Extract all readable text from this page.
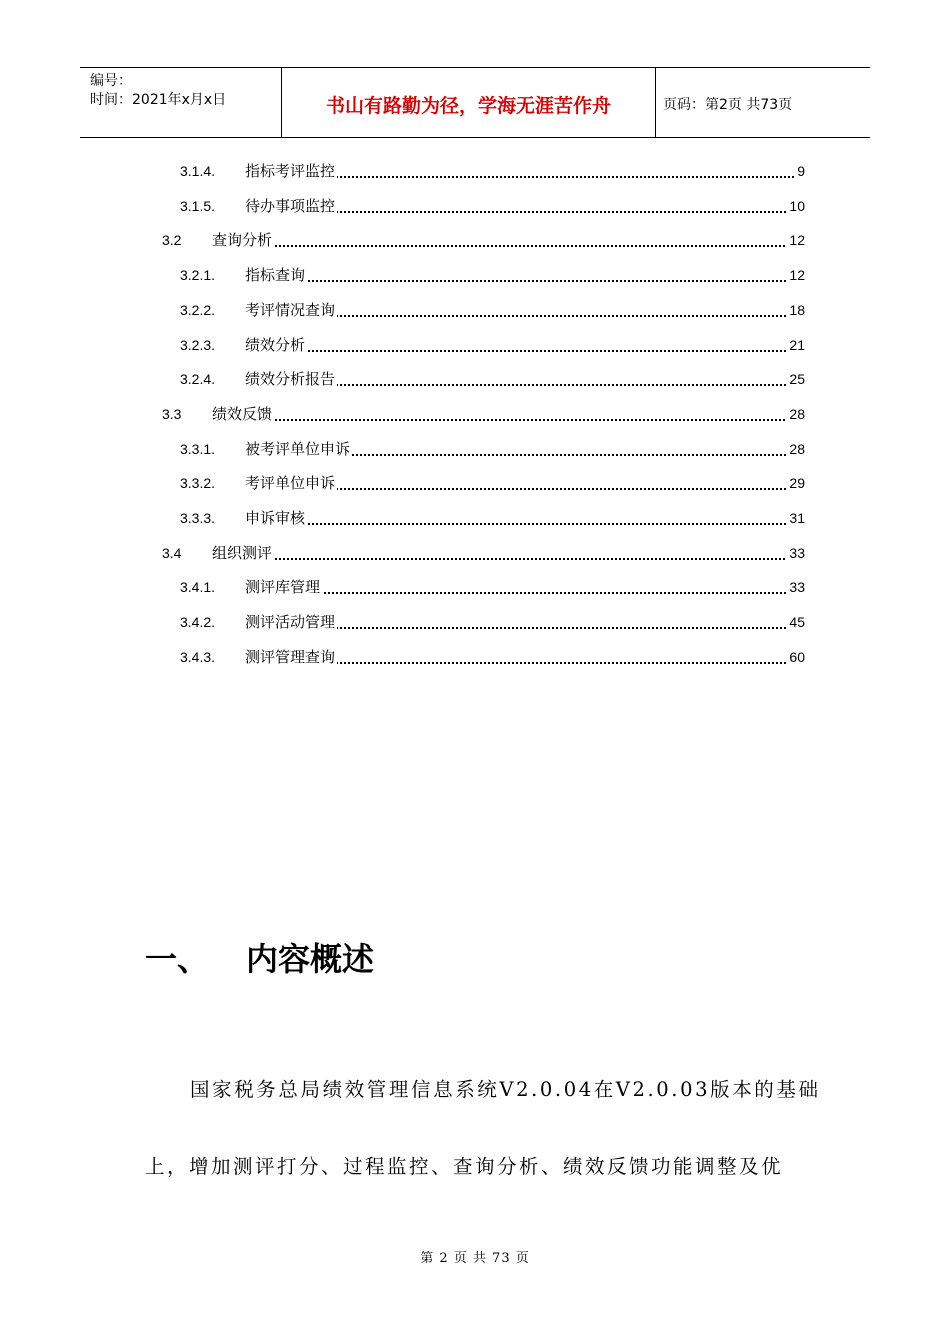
编号：
时间：2021年x月x日	书山有路勤为径，学海无涯苦作舟	页码：第2页 共73页
3.1.4. 指标考评监控	9
3.1.5. 待办事项监控	10
3.2 查询分析	12
3.2.1. 指标查询	12
3.2.2. 考评情况查询	18
3.2.3. 绩效分析	21
3.2.4. 绩效分析报告	25
3.3 绩效反馈	28
3.3.1. 被考评单位申诉	28
3.3.2. 考评单位申诉	29
3.3.3. 申诉审核	31
3.4 组织测评	33
3.4.1. 测评库管理	33
3.4.2. 测评活动管理	45
3.4.3. 测评管理查询	60
一、 内容概述
国家税务总局绩效管理信息系统V2.0.04在V2.0.03版本的基础
上，增加测评打分、过程监控、查询分析、绩效反馈功能调整及优
第 2 页 共 73 页
